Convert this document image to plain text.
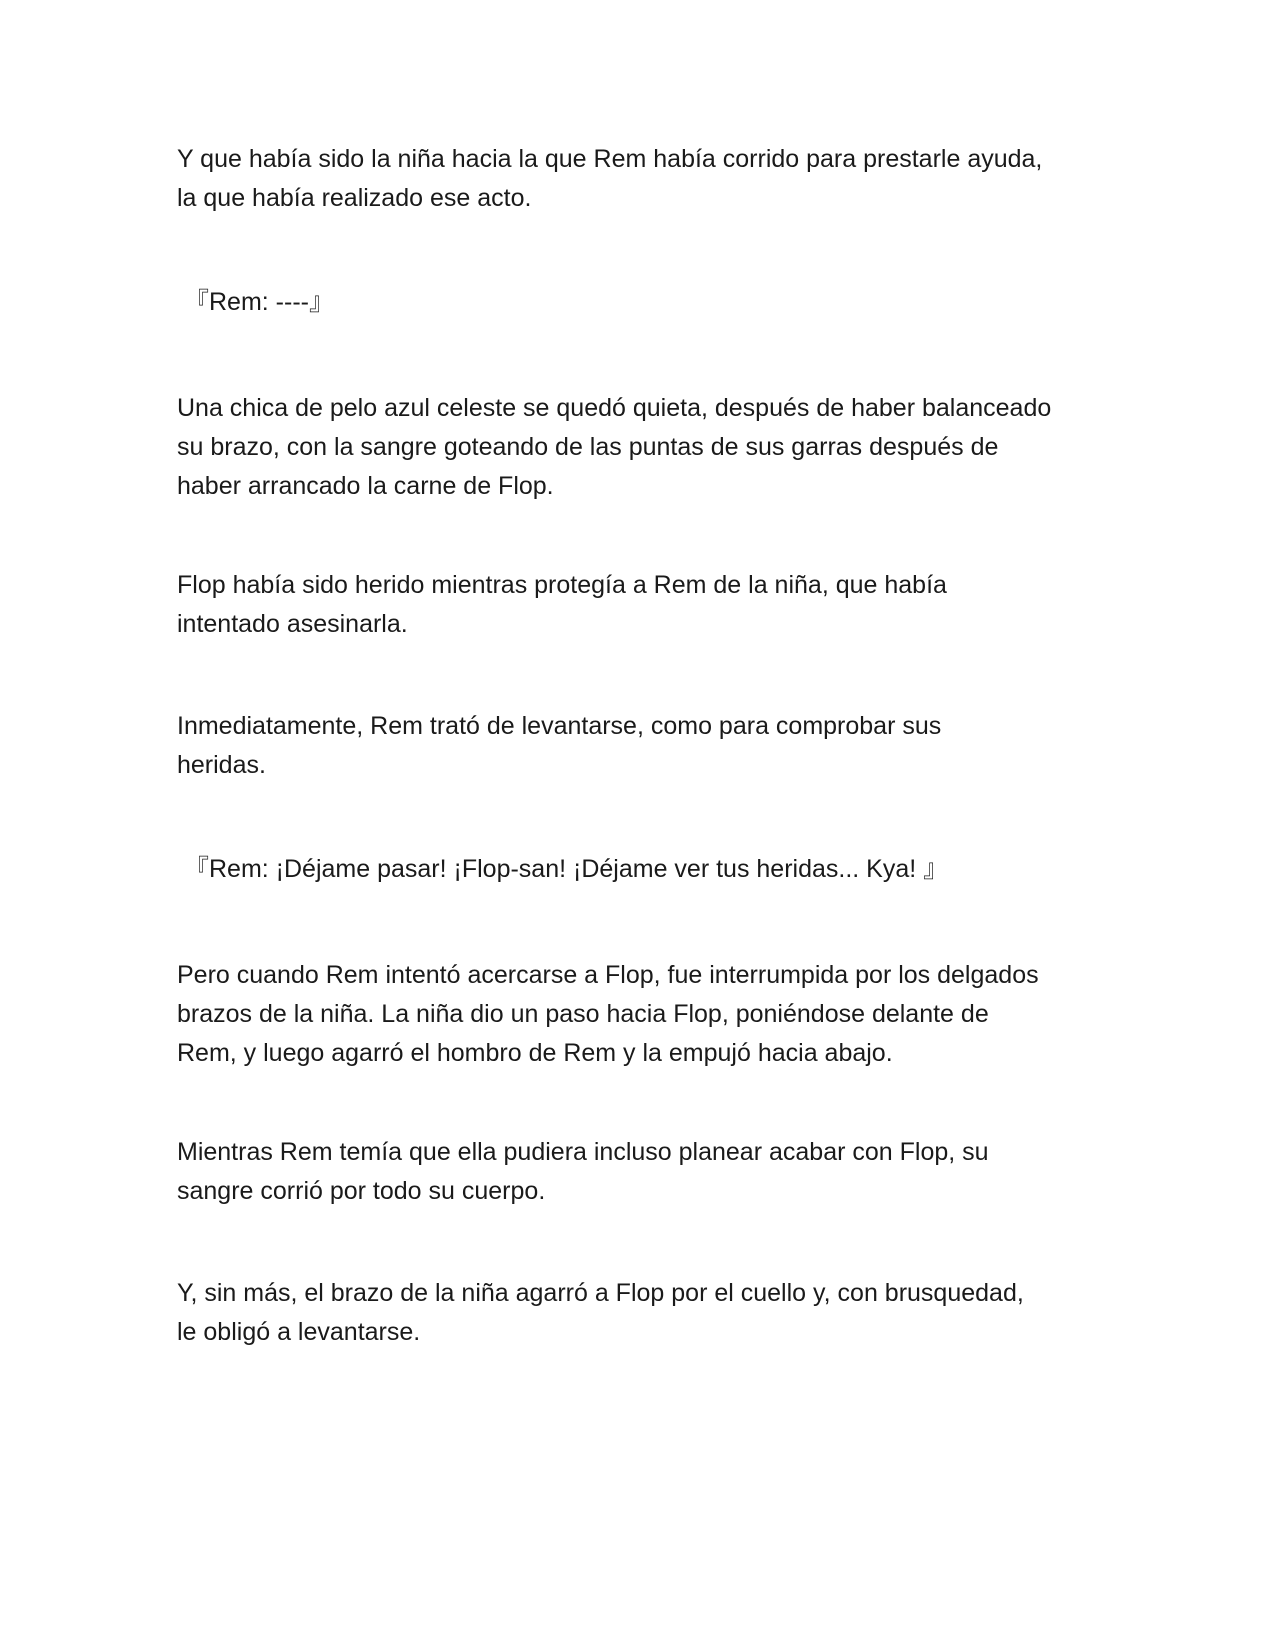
Y que había sido la niña hacia la que Rem había corrido para prestarle ayuda,
la que había realizado ese acto.

『Rem: ----』

Una chica de pelo azul celeste se quedó quieta, después de haber balanceado
su brazo, con la sangre goteando de las puntas de sus garras después de
haber arrancado la carne de Flop.

Flop había sido herido mientras protegía a Rem de la niña, que había
intentado asesinarla.

Inmediatamente, Rem trató de levantarse, como para comprobar sus
heridas.

『Rem: ¡Déjame pasar! ¡Flop-san! ¡Déjame ver tus heridas... Kya! 』

Pero cuando Rem intentó acercarse a Flop, fue interrumpida por los delgados
brazos de la niña. La niña dio un paso hacia Flop, poniéndose delante de
Rem, y luego agarró el hombro de Rem y la empujó hacia abajo.

Mientras Rem temía que ella pudiera incluso planear acabar con Flop, su
sangre corrió por todo su cuerpo.

Y, sin más, el brazo de la niña agarró a Flop por el cuello y, con brusquedad,
le obligó a levantarse.
